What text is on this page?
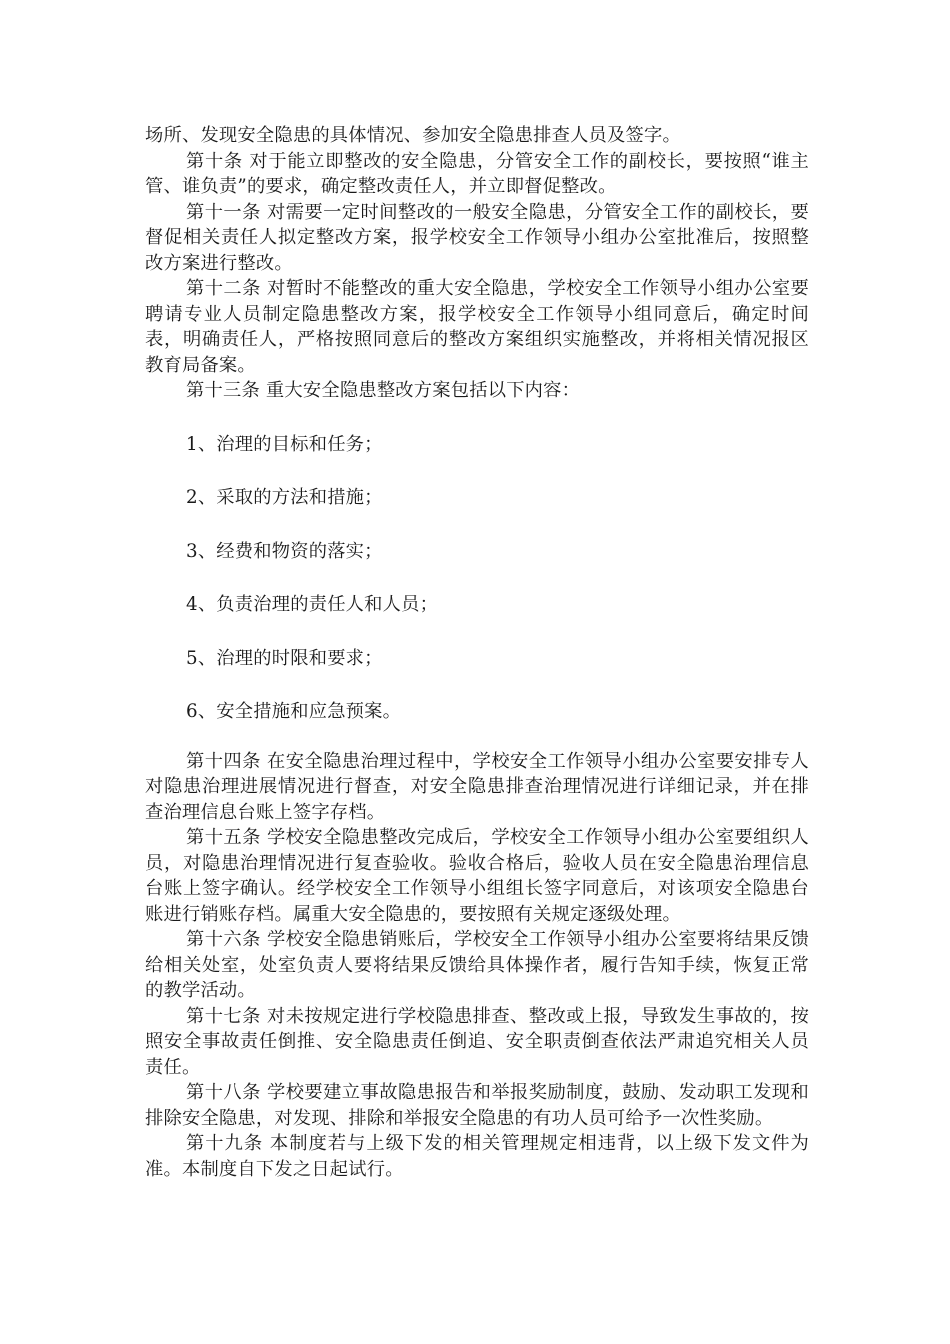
场所、发现安全隐患的具体情况、参加安全隐患排查人员及签字。

第十条 对于能立即整改的安全隐患，分管安全工作的副校长，要按照“谁主管、谁负责”的要求，确定整改责任人，并立即督促整改。

第十一条 对需要一定时间整改的一般安全隐患，分管安全工作的副校长，要督促相关责任人拟定整改方案，报学校安全工作领导小组办公室批准后，按照整改方案进行整改。

第十二条 对暂时不能整改的重大安全隐患，学校安全工作领导小组办公室要聘请专业人员制定隐患整改方案，报学校安全工作领导小组同意后，确定时间表，明确责任人，严格按照同意后的整改方案组织实施整改，并将相关情况报区教育局备案。

第十三条 重大安全隐患整改方案包括以下内容：

1、治理的目标和任务；

2、采取的方法和措施；

3、经费和物资的落实；

4、负责治理的责任人和人员；

5、治理的时限和要求；

6、安全措施和应急预案。

第十四条 在安全隐患治理过程中，学校安全工作领导小组办公室要安排专人对隐患治理进展情况进行督查，对安全隐患排查治理情况进行详细记录，并在排查治理信息台账上签字存档。

第十五条 学校安全隐患整改完成后，学校安全工作领导小组办公室要组织人员，对隐患治理情况进行复查验收。验收合格后，验收人员在安全隐患治理信息台账上签字确认。经学校安全工作领导小组组长签字同意后，对该项安全隐患台账进行销账存档。属重大安全隐患的，要按照有关规定逐级处理。

第十六条 学校安全隐患销账后，学校安全工作领导小组办公室要将结果反馈给相关处室，处室负责人要将结果反馈给具体操作者，履行告知手续，恢复正常的教学活动。

第十七条 对未按规定进行学校隐患排查、整改或上报，导致发生事故的，按照安全事故责任倒推、安全隐患责任倒追、安全职责倒查依法严肃追究相关人员责任。

第十八条 学校要建立事故隐患报告和举报奖励制度，鼓励、发动职工发现和排除安全隐患，对发现、排除和举报安全隐患的有功人员可给予一次性奖励。

第十九条 本制度若与上级下发的相关管理规定相违背，以上级下发文件为准。本制度自下发之日起试行。
